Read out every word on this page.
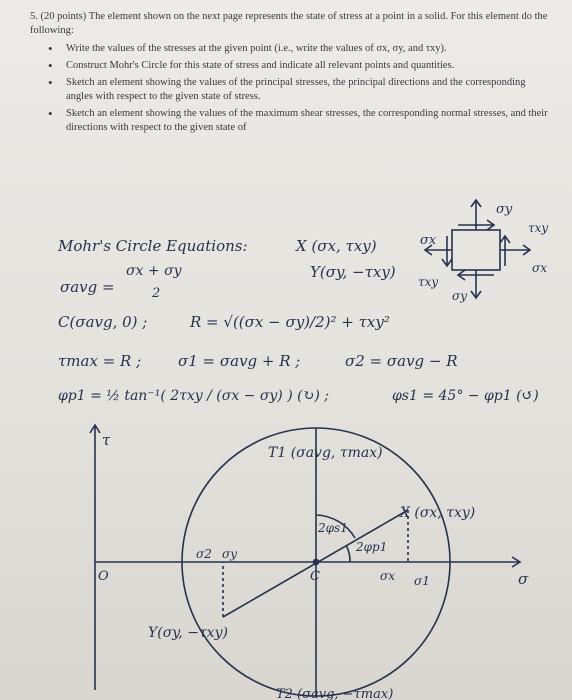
5. (20 points) The element shown on the next page represents the state of stress at a point in a solid. For this element do the following:
• Write the values of the stresses at the given point (i.e., write the values of σx, σy, and τxy).
• Construct Mohr's Circle for this state of stress and indicate all relevant points and quantities.
• Sketch an element showing the values of the principal stresses, the principal directions and the corresponding angles with respect to the given state of stress.
• Sketch an element showing the values of the maximum shear stresses, the corresponding normal stresses, and their directions with respect to the given state of
Mohr's Circle Equations:	X (σx, τxy)
Y(σy, −τxy)
σavg =
σx + σy
2
C(σavg, 0) ;	R = √((σx − σy)/2)² + τxy²
τmax = R ; σ1 = σavg + R ;	σ2 = σavg − R
φp1 = ½ tan⁻¹( 2τxy / (σx − σy) ) (↻) ;	φs1 = 45° − φp1 (↺)
σy
τxy
σx
σx
τxy
σy
τ
σ
O	C
T1 (σavg, τmax)
T2 (σavg, −τmax)
X (σx, τxy)
Y(σy, −τxy)
2φs1
2φp1
σ2 σy
σx σ1
